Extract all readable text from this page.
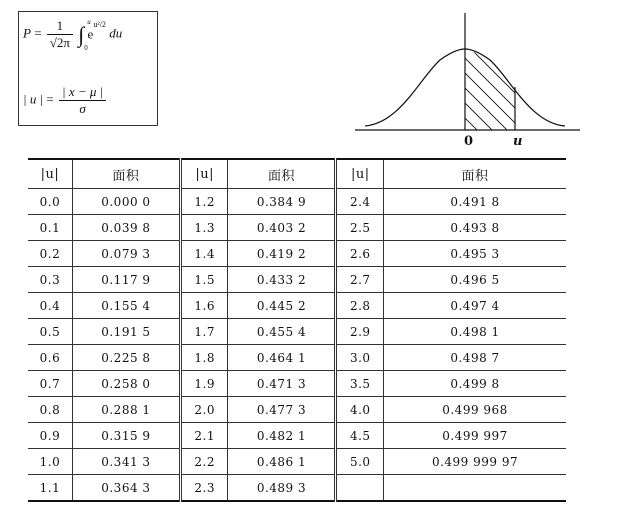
$P = \frac{1}{√2\pi}$ ∫ u
0
$e^{u^2/2}$ du
| u | = $\frac{| x - \mu |}{\sigma}$
0	u
|u|	面积	|u|	面积	|u|	面积
0.0	0.000 0	1.2	0.384 9	2.4	0.491 8
0.1	0.039 8	1.3	0.403 2	2.5	0.493 8
0.2	0.079 3	1.4	0.419 2	2.6	0.495 3
0.3	0.117 9	1.5	0.433 2	2.7	0.496 5
0.4	0.155 4	1.6	0.445 2	2.8	0.497 4
0.5	0.191 5	1.7	0.455 4	2.9	0.498 1
0.6	0.225 8	1.8	0.464 1	3.0	0.498 7
0.7	0.258 0	1.9	0.471 3	3.5	0.499 8
0.8	0.288 1	2.0	0.477 3	4.0	0.499 968
0.9	0.315 9	2.1	0.482 1	4.5	0.499 997
1.0	0.341 3	2.2	0.486 1	5.0	0.499 999 97
1.1	0.364 3	2.3	0.489 3		
